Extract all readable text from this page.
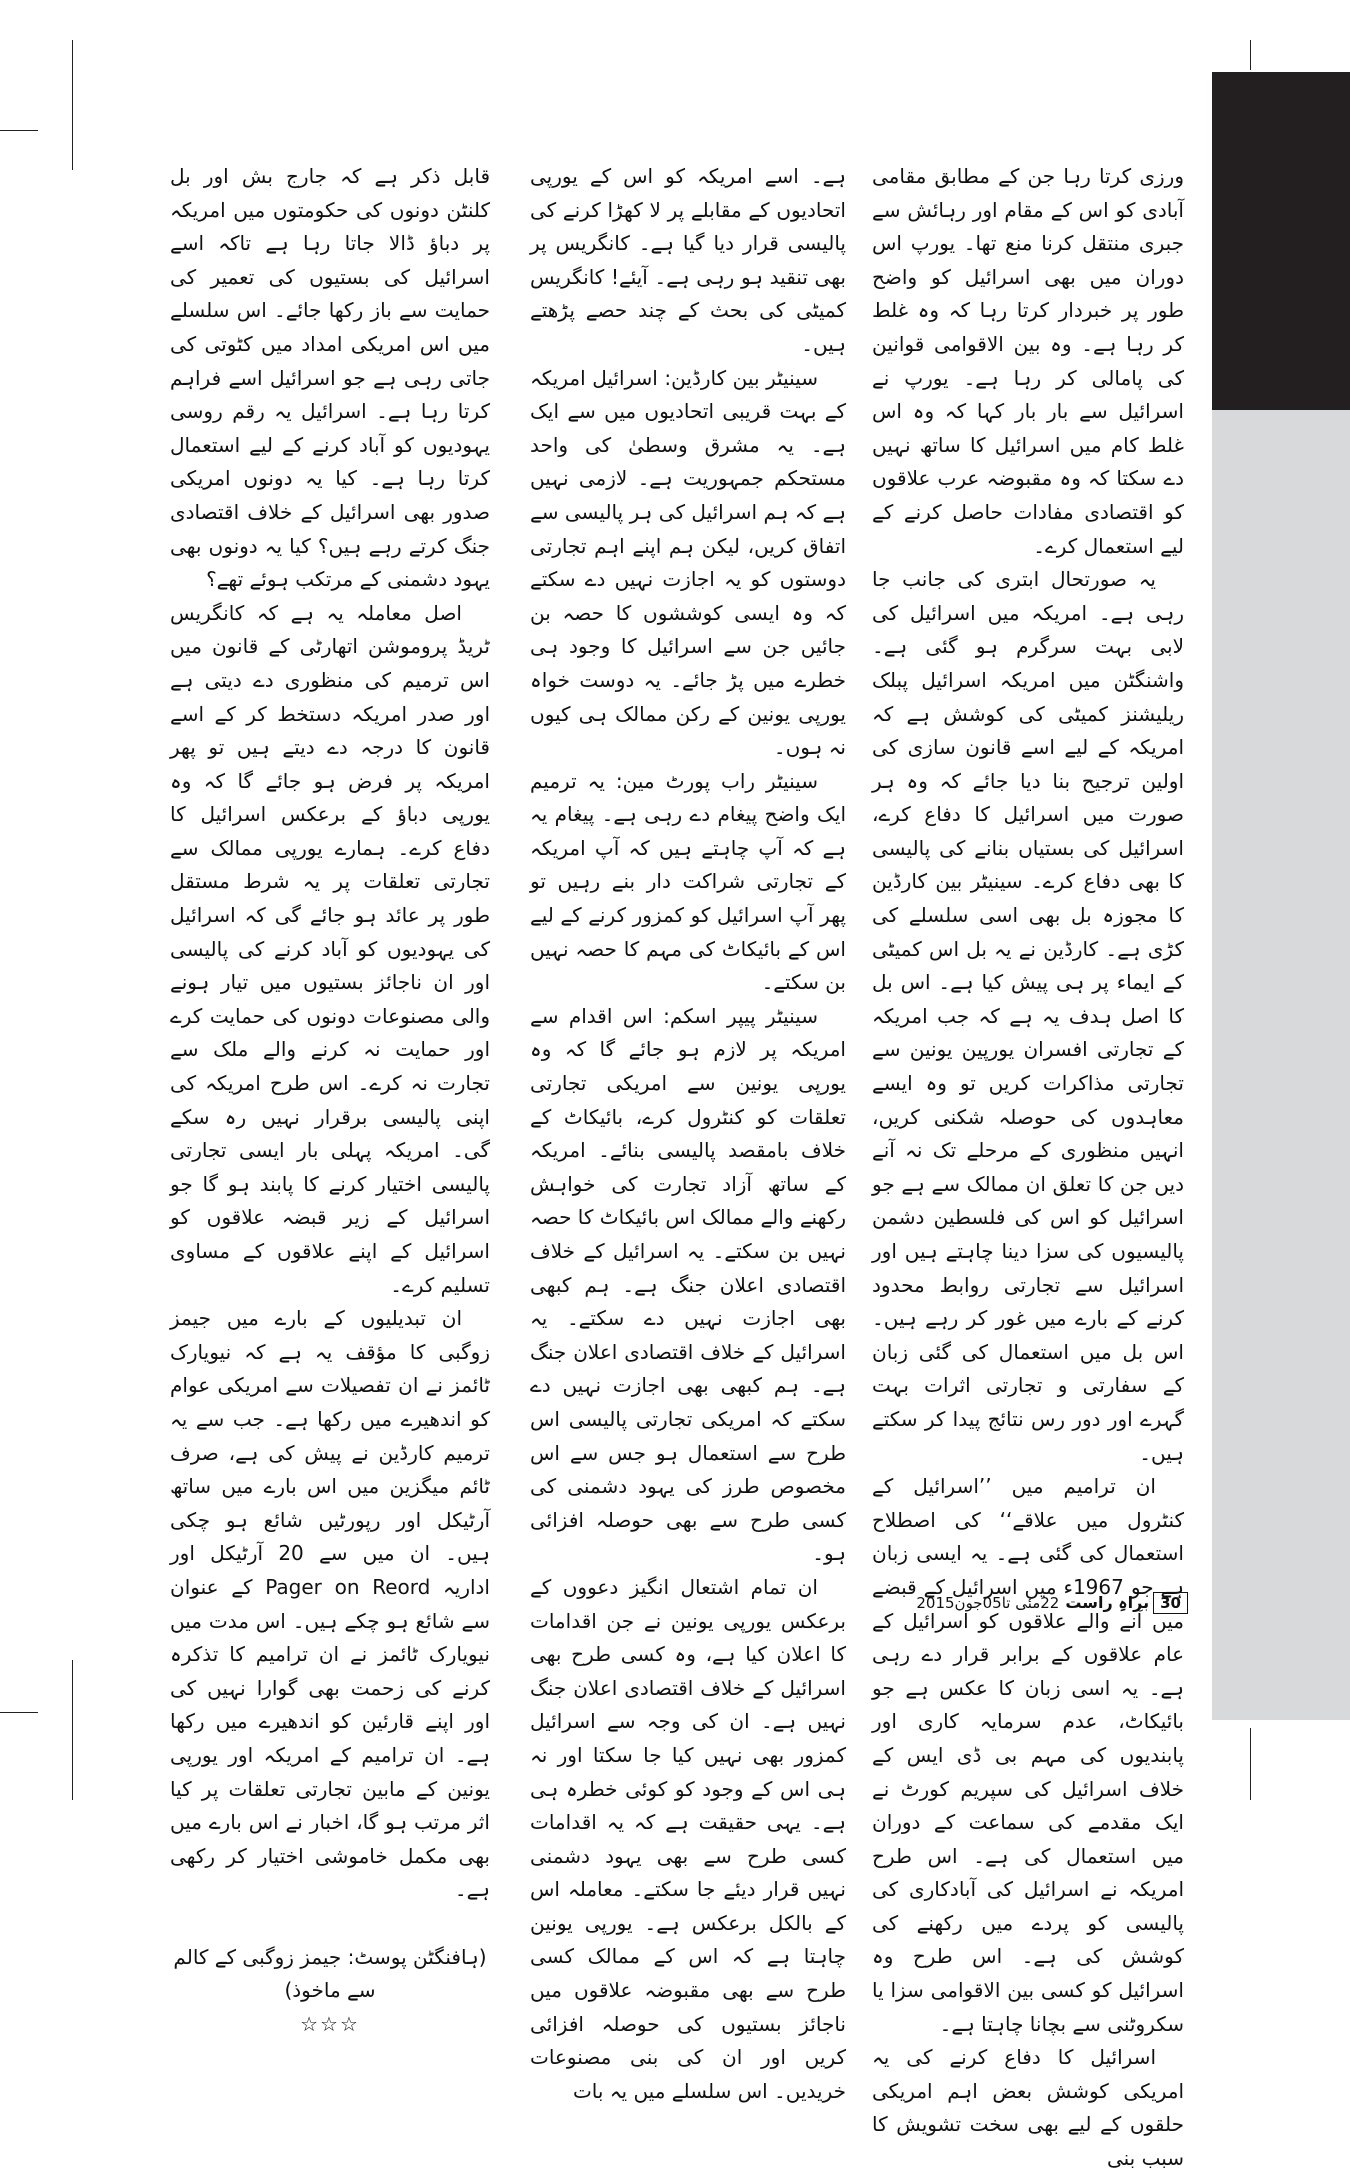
ورزی کرتا رہا جن کے مطابق مقامی آبادی کو اس کے مقام اور رہائش سے جبری منتقل کرنا منع تھا۔ یورپ اس دوران میں بھی اسرائیل کو واضح طور پر خبردار کرتا رہا کہ وہ غلط کر رہا ہے۔ وہ بین الاقوامی قوانین کی پامالی کر رہا ہے۔ یورپ نے اسرائیل سے بار بار کہا کہ وہ اس غلط کام میں اسرائیل کا ساتھ نہیں دے سکتا کہ وہ مقبوضہ عرب علاقوں کو اقتصادی مفادات حاصل کرنے کے لیے استعمال کرے۔

یہ صورتحال ابتری کی جانب جا رہی ہے۔ امریکہ میں اسرائیل کی لابی بہت سرگرم ہو گئی ہے۔ واشنگٹن میں امریکہ اسرائیل پبلک ریلیشنز کمیٹی کی کوشش ہے کہ امریکہ کے لیے اسے قانون سازی کی اولین ترجیح بنا دیا جائے کہ وہ ہر صورت میں اسرائیل کا دفاع کرے، اسرائیل کی بستیاں بنانے کی پالیسی کا بھی دفاع کرے۔ سینیٹر بین کارڈین کا مجوزہ بل بھی اسی سلسلے کی کڑی ہے۔ کارڈین نے یہ بل اس کمیٹی کے ایماء پر ہی پیش کیا ہے۔ اس بل کا اصل ہدف یہ ہے کہ جب امریکہ کے تجارتی افسران یورپین یونین سے تجارتی مذاکرات کریں تو وہ ایسے معاہدوں کی حوصلہ شکنی کریں، انہیں منظوری کے مرحلے تک نہ آنے دیں جن کا تعلق ان ممالک سے ہے جو اسرائیل کو اس کی فلسطین دشمن پالیسیوں کی سزا دینا چاہتے ہیں اور اسرائیل سے تجارتی روابط محدود کرنے کے بارے میں غور کر رہے ہیں۔ اس بل میں استعمال کی گئی زبان کے سفارتی و تجارتی اثرات بہت گہرے اور دور رس نتائج پیدا کر سکتے ہیں۔

ان ترامیم میں ’’اسرائیل کے کنٹرول میں علاقے‘‘ کی اصطلاح استعمال کی گئی ہے۔ یہ ایسی زبان ہے جو 1967ء میں اسرائیل کے قبضے میں آنے والے علاقوں کو اسرائیل کے عام علاقوں کے برابر قرار دے رہی ہے۔ یہ اسی زبان کا عکس ہے جو بائیکاٹ، عدم سرمایہ کاری اور پابندیوں کی مہم بی ڈی ایس کے خلاف اسرائیل کی سپریم کورٹ نے ایک مقدمے کی سماعت کے دوران میں استعمال کی ہے۔ اس طرح امریکہ نے اسرائیل کی آبادکاری کی پالیسی کو پردے میں رکھنے کی کوشش کی ہے۔ اس طرح وہ اسرائیل کو کسی بین الاقوامی سزا یا سکروٹنی سے بچانا چاہتا ہے۔

اسرائیل کا دفاع کرنے کی یہ امریکی کوشش بعض اہم امریکی حلقوں کے لیے بھی سخت تشویش کا سبب بنی

ہے۔ اسے امریکہ کو اس کے یورپی اتحادیوں کے مقابلے پر لا کھڑا کرنے کی پالیسی قرار دیا گیا ہے۔ کانگریس پر بھی تنقید ہو رہی ہے۔ آیئے! کانگریس کمیٹی کی بحث کے چند حصے پڑھتے ہیں۔

سینیٹر بین کارڈین: اسرائیل امریکہ کے بہت قریبی اتحادیوں میں سے ایک ہے۔ یہ مشرق وسطیٰ کی واحد مستحکم جمہوریت ہے۔ لازمی نہیں ہے کہ ہم اسرائیل کی ہر پالیسی سے اتفاق کریں، لیکن ہم اپنے اہم تجارتی دوستوں کو یہ اجازت نہیں دے سکتے کہ وہ ایسی کوششوں کا حصہ بن جائیں جن سے اسرائیل کا وجود ہی خطرے میں پڑ جائے۔ یہ دوست خواہ یورپی یونین کے رکن ممالک ہی کیوں نہ ہوں۔

سینیٹر راب پورٹ مین: یہ ترمیم ایک واضح پیغام دے رہی ہے۔ پیغام یہ ہے کہ آپ چاہتے ہیں کہ آپ امریکہ کے تجارتی شراکت دار بنے رہیں تو پھر آپ اسرائیل کو کمزور کرنے کے لیے اس کے بائیکاٹ کی مہم کا حصہ نہیں بن سکتے۔

سینیٹر پیپر اسکم: اس اقدام سے امریکہ پر لازم ہو جائے گا کہ وہ یورپی یونین سے امریکی تجارتی تعلقات کو کنٹرول کرے، بائیکاٹ کے خلاف بامقصد پالیسی بنائے۔ امریکہ کے ساتھ آزاد تجارت کی خواہش رکھنے والے ممالک اس بائیکاٹ کا حصہ نہیں بن سکتے۔ یہ اسرائیل کے خلاف اقتصادی اعلان جنگ ہے۔ ہم کبھی بھی اجازت نہیں دے سکتے۔ یہ اسرائیل کے خلاف اقتصادی اعلان جنگ ہے۔ ہم کبھی بھی اجازت نہیں دے سکتے کہ امریکی تجارتی پالیسی اس طرح سے استعمال ہو جس سے اس مخصوص طرز کی یہود دشمنی کی کسی طرح سے بھی حوصلہ افزائی ہو۔

ان تمام اشتعال انگیز دعووں کے برعکس یورپی یونین نے جن اقدامات کا اعلان کیا ہے، وہ کسی طرح بھی اسرائیل کے خلاف اقتصادی اعلان جنگ نہیں ہے۔ ان کی وجہ سے اسرائیل کمزور بھی نہیں کیا جا سکتا اور نہ ہی اس کے وجود کو کوئی خطرہ ہی ہے۔ یہی حقیقت ہے کہ یہ اقدامات کسی طرح سے بھی یہود دشمنی نہیں قرار دیئے جا سکتے۔ معاملہ اس کے بالکل برعکس ہے۔ یورپی یونین چاہتا ہے کہ اس کے ممالک کسی طرح سے بھی مقبوضہ علاقوں میں ناجائز بستیوں کی حوصلہ افزائی کریں اور ان کی بنی مصنوعات خریدیں۔ اس سلسلے میں یہ بات

قابل ذکر ہے کہ جارج بش اور بل کلنٹن دونوں کی حکومتوں میں امریکہ پر دباؤ ڈالا جاتا رہا ہے تاکہ اسے اسرائیل کی بستیوں کی تعمیر کی حمایت سے باز رکھا جائے۔ اس سلسلے میں اس امریکی امداد میں کٹوتی کی جاتی رہی ہے جو اسرائیل اسے فراہم کرتا رہا ہے۔ اسرائیل یہ رقم روسی یہودیوں کو آباد کرنے کے لیے استعمال کرتا رہا ہے۔ کیا یہ دونوں امریکی صدور بھی اسرائیل کے خلاف اقتصادی جنگ کرتے رہے ہیں؟ کیا یہ دونوں بھی یہود دشمنی کے مرتکب ہوئے تھے؟

اصل معاملہ یہ ہے کہ کانگریس ٹریڈ پروموشن اتھارٹی کے قانون میں اس ترمیم کی منظوری دے دیتی ہے اور صدر امریکہ دستخط کر کے اسے قانون کا درجہ دے دیتے ہیں تو پھر امریکہ پر فرض ہو جائے گا کہ وہ یورپی دباؤ کے برعکس اسرائیل کا دفاع کرے۔ ہمارے یورپی ممالک سے تجارتی تعلقات پر یہ شرط مستقل طور پر عائد ہو جائے گی کہ اسرائیل کی یہودیوں کو آباد کرنے کی پالیسی اور ان ناجائز بستیوں میں تیار ہونے والی مصنوعات دونوں کی حمایت کرے اور حمایت نہ کرنے والے ملک سے تجارت نہ کرے۔ اس طرح امریکہ کی اپنی پالیسی برقرار نہیں رہ سکے گی۔ امریکہ پہلی بار ایسی تجارتی پالیسی اختیار کرنے کا پابند ہو گا جو اسرائیل کے زیر قبضہ علاقوں کو اسرائیل کے اپنے علاقوں کے مساوی تسلیم کرے۔

ان تبدیلیوں کے بارے میں جیمز زوگبی کا مؤقف یہ ہے کہ نیویارک ٹائمز نے ان تفصیلات سے امریکی عوام کو اندھیرے میں رکھا ہے۔ جب سے یہ ترمیم کارڈین نے پیش کی ہے، صرف ٹائم میگزین میں اس بارے میں ساتھ آرٹیکل اور رپورٹیں شائع ہو چکی ہیں۔ ان میں سے 20 آرٹیکل اور اداریہ Pager on Reord کے عنوان سے شائع ہو چکے ہیں۔ اس مدت میں نیویارک ٹائمز نے ان ترامیم کا تذکرہ کرنے کی زحمت بھی گوارا نہیں کی اور اپنے قارئین کو اندھیرے میں رکھا ہے۔ ان ترامیم کے امریکہ اور یورپی یونین کے مابین تجارتی تعلقات پر کیا اثر مرتب ہو گا، اخبار نے اس بارے میں بھی مکمل خاموشی اختیار کر رکھی ہے۔

(ہافنگٹن پوسٹ: جیمز زوگبی کے کالم سے ماخوذ)

☆☆☆

30براہِ راست22مئی تا05جون2015
